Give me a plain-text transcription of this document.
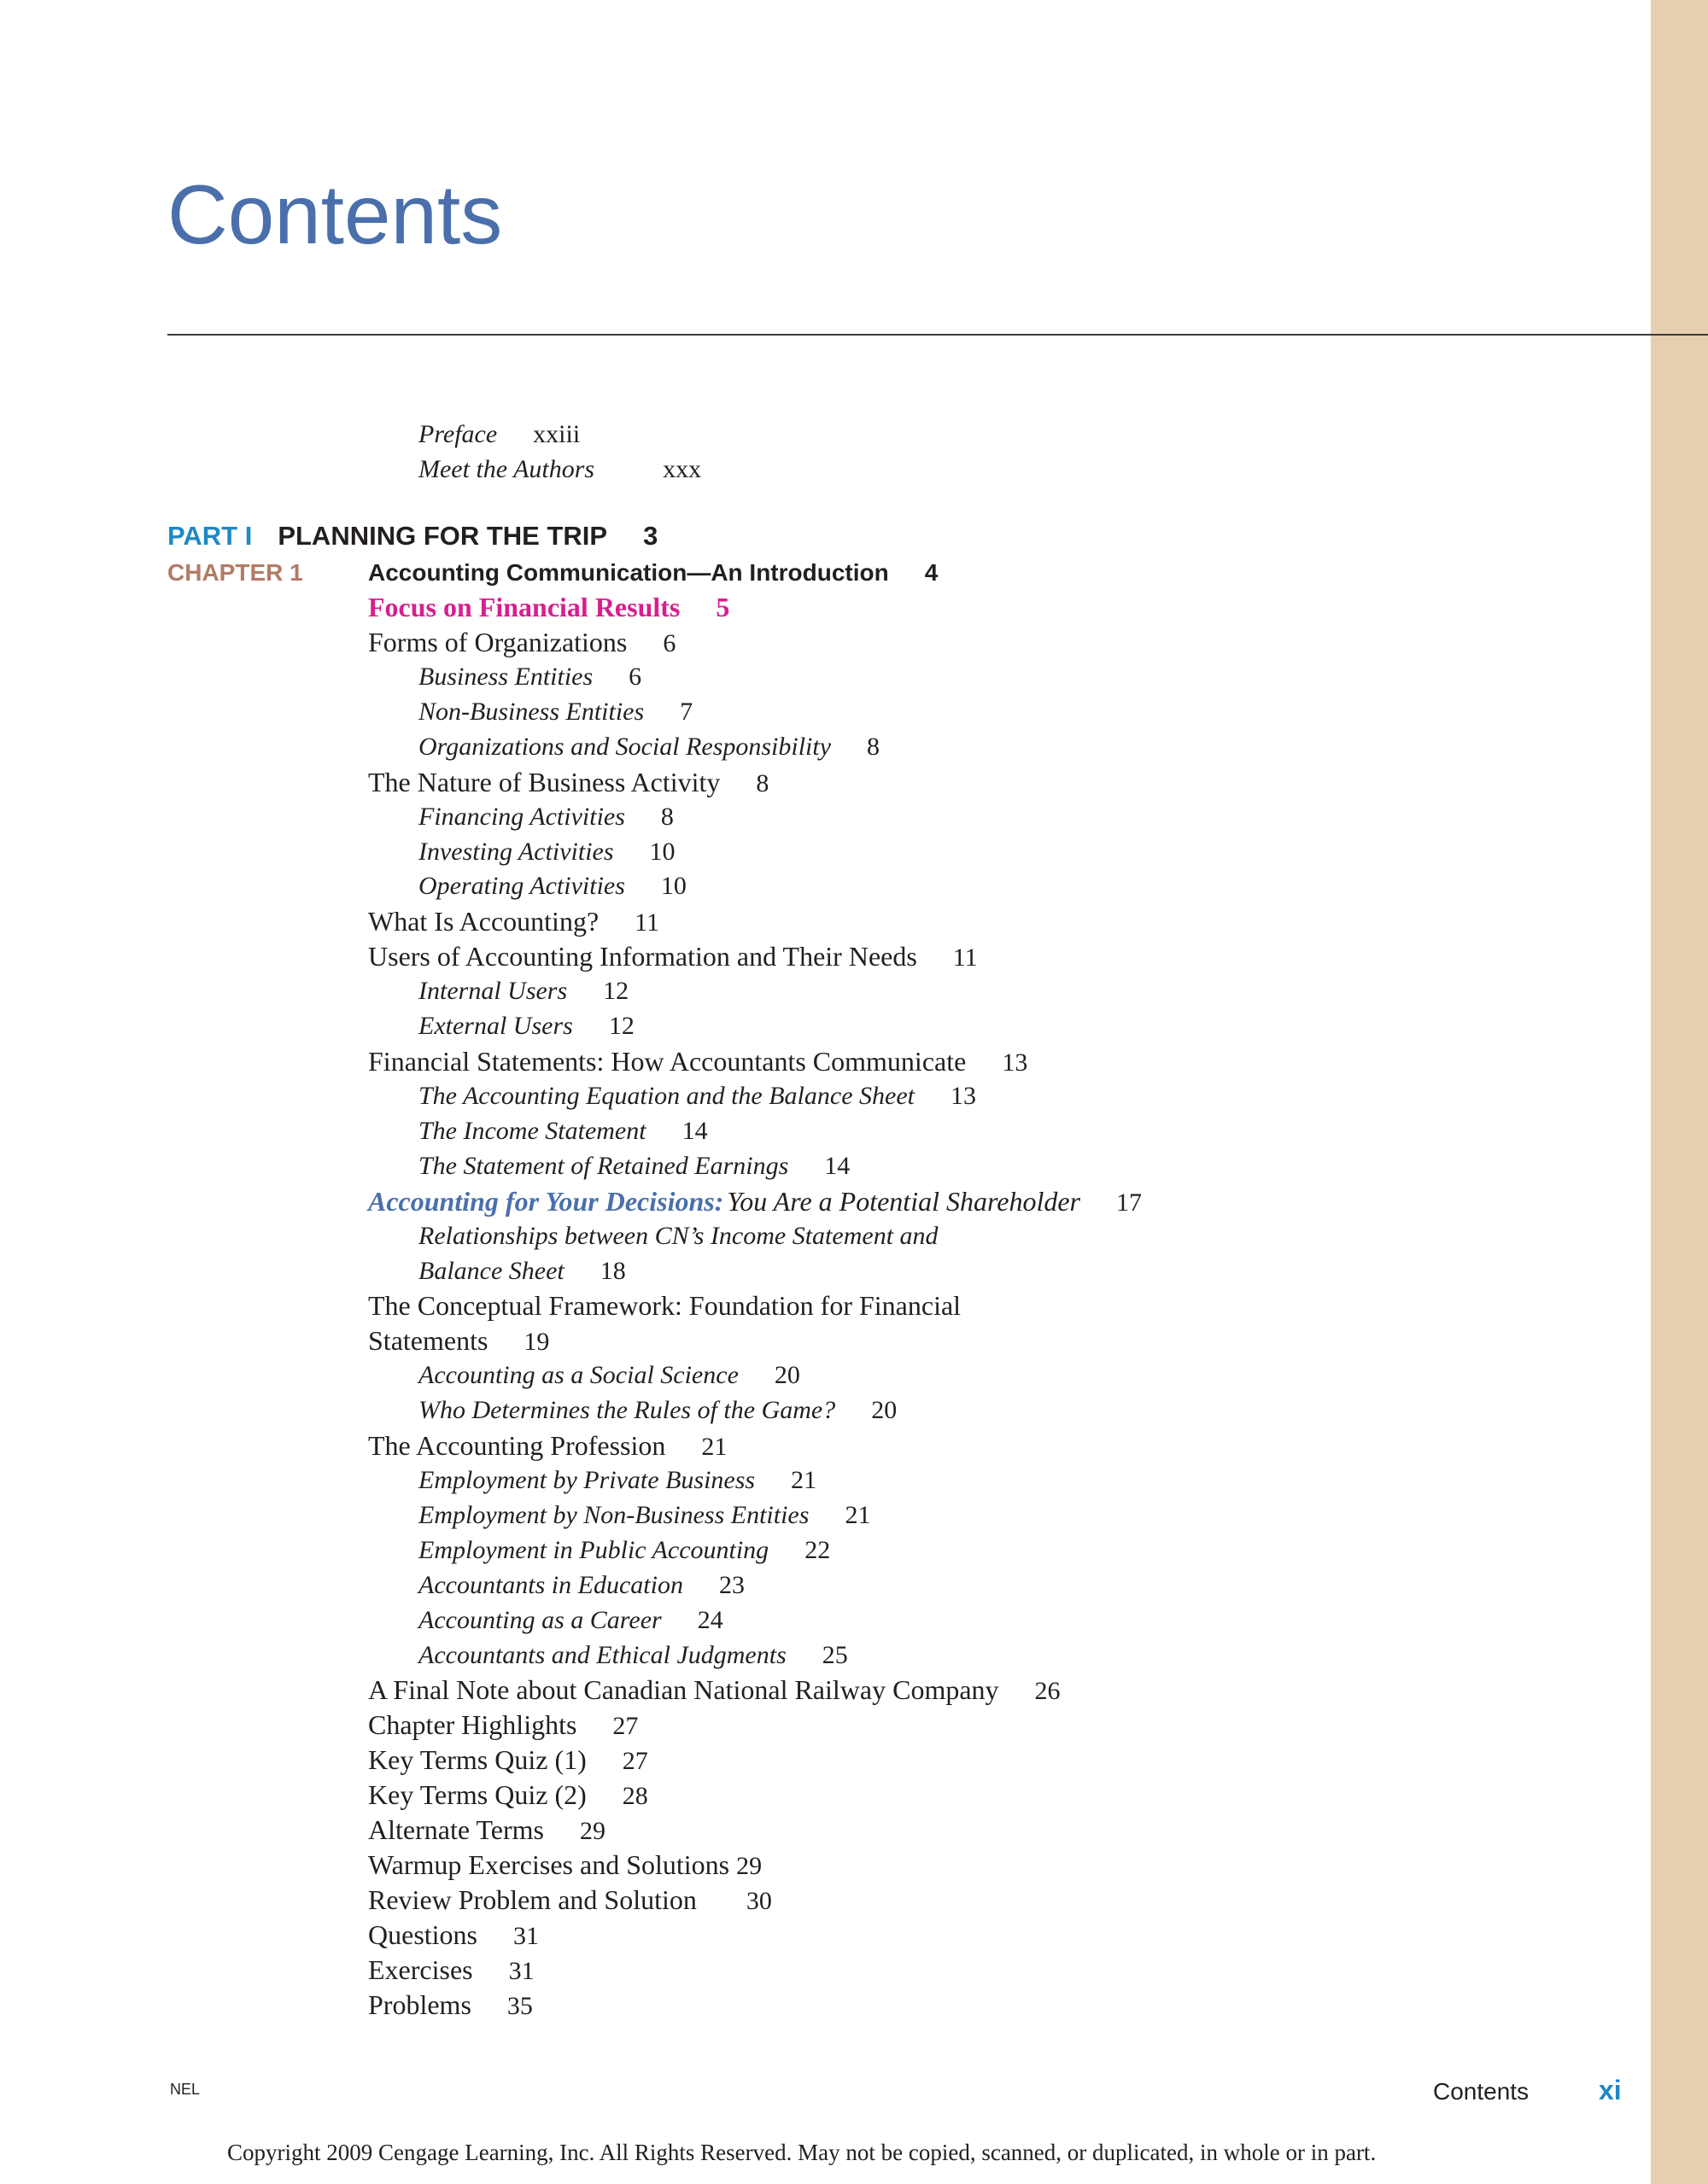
Contents
Preface xxiii
Meet the Authors	xxx
PART I PLANNING FOR THE TRIP 3
CHAPTER 1	Accounting Communication—An Introduction 4
Focus on Financial Results 5
Forms of Organizations 6
Business Entities 6
Non-Business Entities 7
Organizations and Social Responsibility 8
The Nature of Business Activity 8
Financing Activities 8
Investing Activities 10
Operating Activities 10
What Is Accounting? 11
Users of Accounting Information and Their Needs 11
Internal Users 12
External Users 12
Financial Statements: How Accountants Communicate 13
The Accounting Equation and the Balance Sheet 13
The Income Statement 14
The Statement of Retained Earnings 14
Accounting for Your Decisions: You Are a Potential Shareholder 17
Relationships between CN’s Income Statement and
Balance Sheet 18
The Conceptual Framework: Foundation for Financial
Statements 19
Accounting as a Social Science 20
Who Determines the Rules of the Game? 20
The Accounting Profession 21
Employment by Private Business 21
Employment by Non-Business Entities 21
Employment in Public Accounting 22
Accountants in Education 23
Accounting as a Career 24
Accountants and Ethical Judgments 25
A Final Note about Canadian National Railway Company 26
Chapter Highlights 27
Key Terms Quiz (1) 27
Key Terms Quiz (2) 28
Alternate Terms 29
Warmup Exercises and Solutions 29
Review Problem and Solution 30
Questions 31
Exercises 31
Problems 35
NEL	Contents	xi
Copyright 2009 Cengage Learning, Inc. All Rights Reserved. May not be copied, scanned, or duplicated, in whole or in part.
